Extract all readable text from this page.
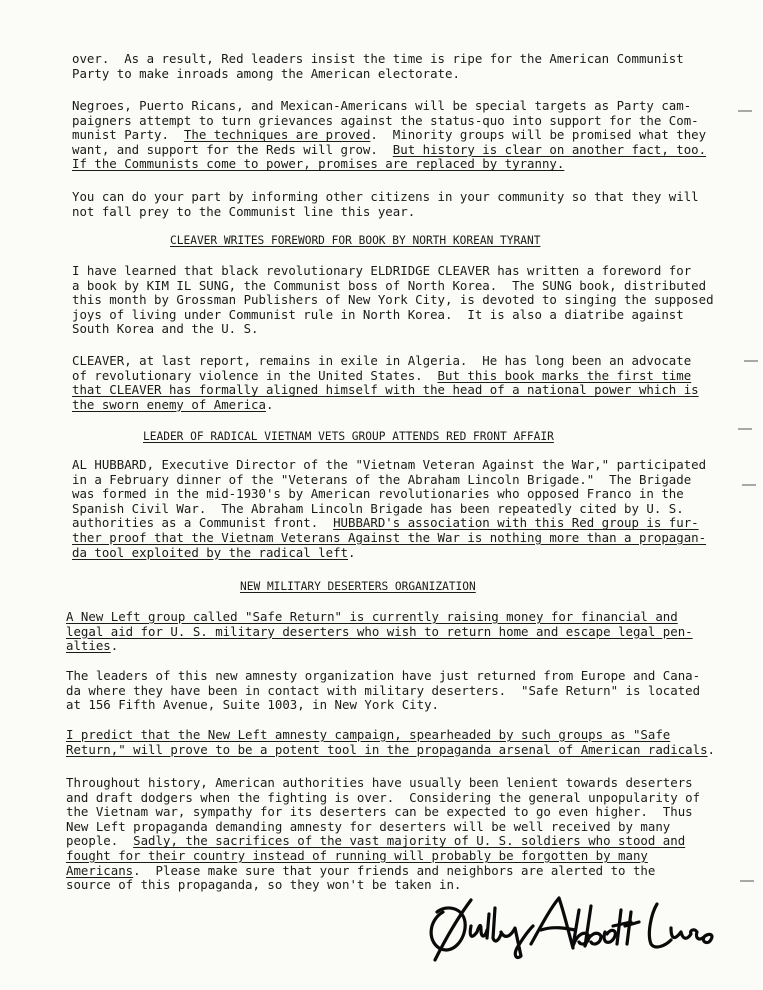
over.  As a result, Red leaders insist the time is ripe for the American Communist
Party to make inroads among the American electorate.
Negroes, Puerto Ricans, and Mexican-Americans will be special targets as Party cam-
paigners attempt to turn grievances against the status-quo into support for the Com-
munist Party.  The techniques are proved.  Minority groups will be promised what they
want, and support for the Reds will grow.  But history is clear on another fact, too.
If the Communists come to power, promises are replaced by tyranny.
You can do your part by informing other citizens in your community so that they will
not fall prey to the Communist line this year.
CLEAVER WRITES FOREWORD FOR BOOK BY NORTH KOREAN TYRANT
I have learned that black revolutionary ELDRIDGE CLEAVER has written a foreword for
a book by KIM IL SUNG, the Communist boss of North Korea.  The SUNG book, distributed
this month by Grossman Publishers of New York City, is devoted to singing the supposed
joys of living under Communist rule in North Korea.  It is also a diatribe against
South Korea and the U. S.
CLEAVER, at last report, remains in exile in Algeria.  He has long been an advocate
of revolutionary violence in the United States.  But this book marks the first time
that CLEAVER has formally aligned himself with the head of a national power which is
the sworn enemy of America.
LEADER OF RADICAL VIETNAM VETS GROUP ATTENDS RED FRONT AFFAIR
AL HUBBARD, Executive Director of the "Vietnam Veteran Against the War," participated
in a February dinner of the "Veterans of the Abraham Lincoln Brigade."  The Brigade
was formed in the mid-1930's by American revolutionaries who opposed Franco in the
Spanish Civil War.  The Abraham Lincoln Brigade has been repeatedly cited by U. S.
authorities as a Communist front.  HUBBARD's association with this Red group is fur-
ther proof that the Vietnam Veterans Against the War is nothing more than a propagan-
da tool exploited by the radical left.
NEW MILITARY DESERTERS ORGANIZATION
A New Left group called "Safe Return" is currently raising money for financial and
legal aid for U. S. military deserters who wish to return home and escape legal pen-
alties.
The leaders of this new amnesty organization have just returned from Europe and Cana-
da where they have been in contact with military deserters.  "Safe Return" is located
at 156 Fifth Avenue, Suite 1003, in New York City.
I predict that the New Left amnesty campaign, spearheaded by such groups as "Safe
Return," will prove to be a potent tool in the propaganda arsenal of American radicals.
Throughout history, American authorities have usually been lenient towards deserters
and draft dodgers when the fighting is over.  Considering the general unpopularity of
the Vietnam war, sympathy for its deserters can be expected to go even higher.  Thus
New Left propaganda demanding amnesty for deserters will be well received by many
people.  Sadly, the sacrifices of the vast majority of U. S. soldiers who stood and
fought for their country instead of running will probably be forgotten by many
Americans.  Please make sure that your friends and neighbors are alerted to the
source of this propaganda, so they won't be taken in.
